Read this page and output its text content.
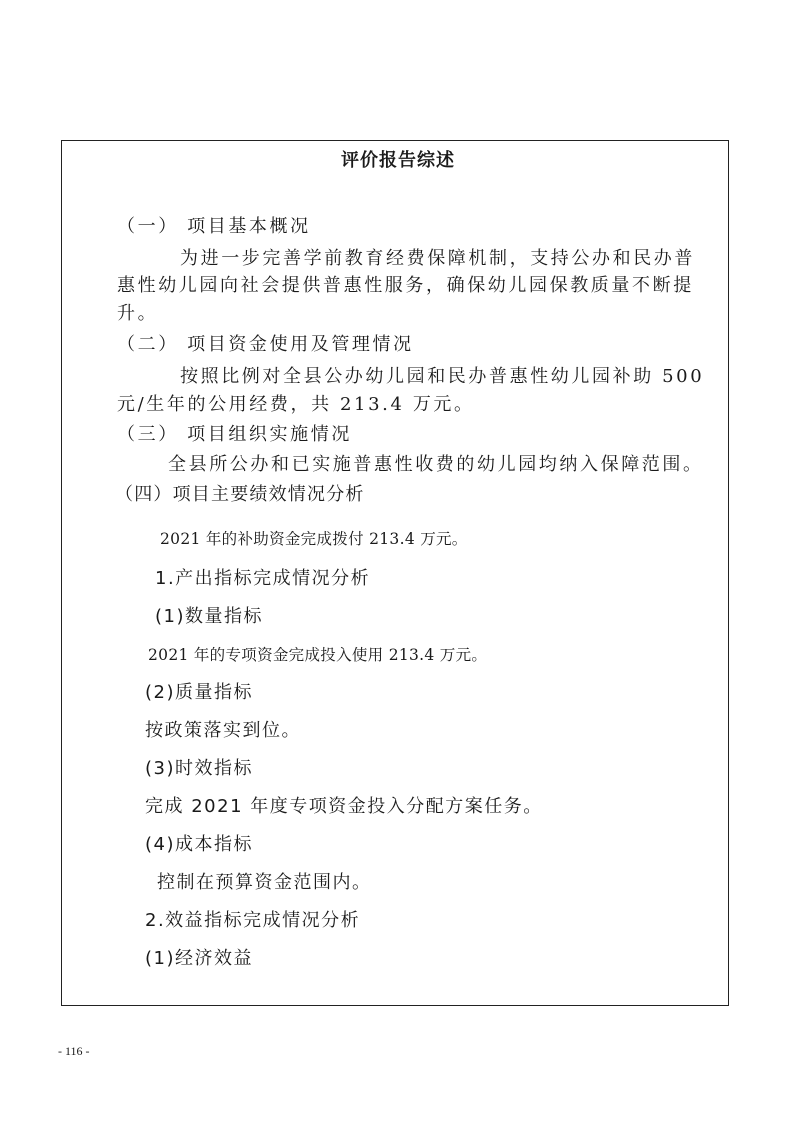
评价报告综述
（一） 项目基本概况
为进一步完善学前教育经费保障机制，支持公办和民办普
惠性幼儿园向社会提供普惠性服务，确保幼儿园保教质量不断提
升。
（二） 项目资金使用及管理情况
按照比例对全县公办幼儿园和民办普惠性幼儿园补助 500
元/生年的公用经费，共 213.4 万元。
（三） 项目组织实施情况
全县所公办和已实施普惠性收费的幼儿园均纳入保障范围。
（四）项目主要绩效情况分析
2021 年的补助资金完成拨付 213.4 万元。
1.产出指标完成情况分析
(1)数量指标
2021 年的专项资金完成投入使用 213.4 万元。
(2)质量指标
按政策落实到位。
(3)时效指标
完成 2021 年度专项资金投入分配方案任务。
(4)成本指标
控制在预算资金范围内。
2.效益指标完成情况分析
(1)经济效益
- 116 -
